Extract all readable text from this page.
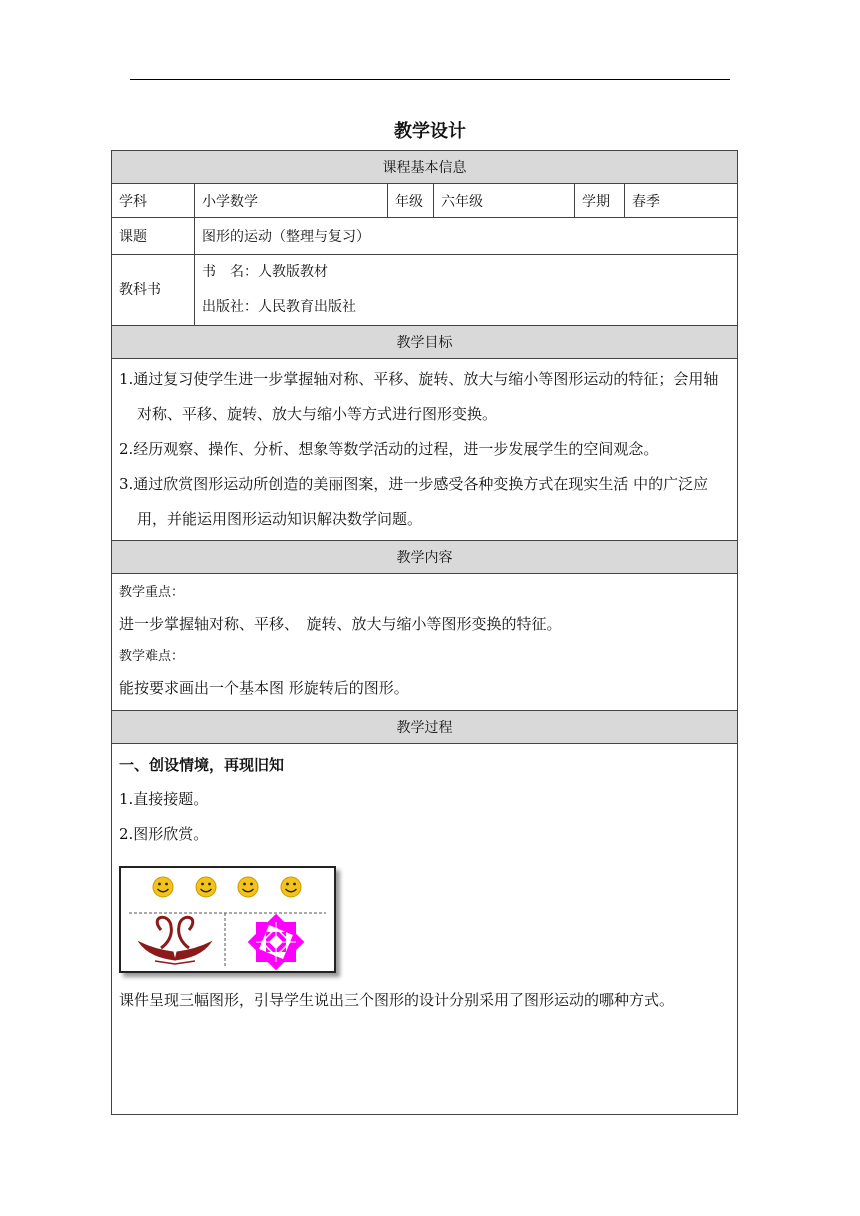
教学设计
课程基本信息					
学科	小学数学	年级	六年级	学期	春季
课题	图形的运动（整理与复习）				

教科书	书　名：人教版教材
出版社：人民教育出版社				

教学目标					

1.通过复习使学生进一步掌握轴对称、平移、旋转、放大与缩小等图形运动的特征；会用轴对称、平移、旋转、放大与缩小等方式进行图形变换。

2.经历观察、操作、分析、想象等数学活动的过程，进一步发展学生的空间观念。

3.通过欣赏图形运动所创造的美丽图案，进一步感受各种变换方式在现实生活 中的广泛应用，并能运用图形运动知识解决数学问题。					

教学内容					

教学重点：
进一步掌握轴对称、平移、　旋转、放大与缩小等图形变换的特征。
教学难点：
能按要求画出一个基本图 形旋转后的图形。					

教学过程					

一、创设情境，再现旧知
1.直接接题。
2.图形欣赏。
课件呈现三幅图形，引导学生说出三个图形的设计分别采用了图形运动的哪种方式。					
